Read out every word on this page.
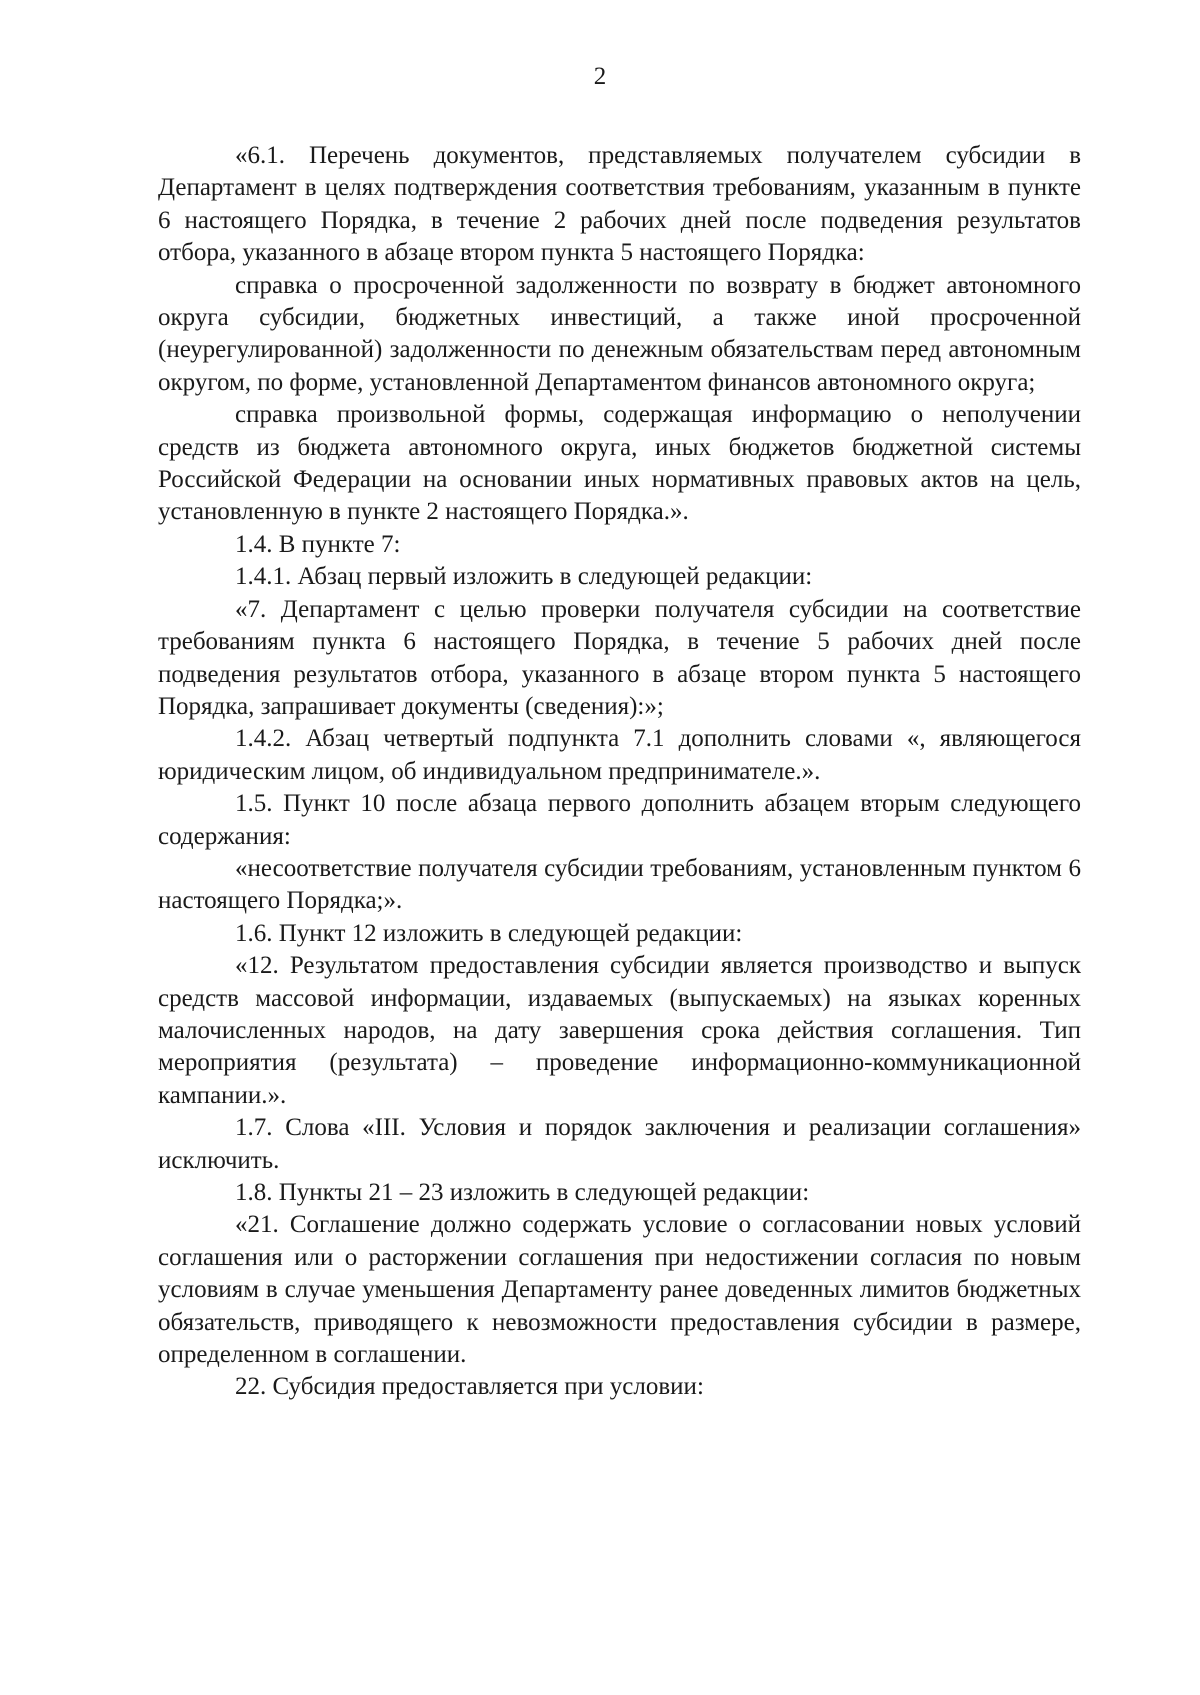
2

«6.1. Перечень документов, представляемых получателем субсидии в Департамент в целях подтверждения соответствия требованиям, указанным в пункте 6 настоящего Порядка, в течение 2 рабочих дней после подведения результатов отбора, указанного в абзаце втором пункта 5 настоящего Порядка:

справка о просроченной задолженности по возврату в бюджет автономного округа субсидии, бюджетных инвестиций, а также иной просроченной (неурегулированной) задолженности по денежным обязательствам перед автономным округом, по форме, установленной Департаментом финансов автономного округа;

справка произвольной формы, содержащая информацию о неполучении средств из бюджета автономного округа, иных бюджетов бюджетной системы Российской Федерации на основании иных нормативных правовых актов на цель, установленную в пункте 2 настоящего Порядка.».

1.4. В пункте 7:

1.4.1. Абзац первый изложить в следующей редакции:

«7. Департамент с целью проверки получателя субсидии на соответствие требованиям пункта 6 настоящего Порядка, в течение 5 рабочих дней после подведения результатов отбора, указанного в абзаце втором пункта 5 настоящего Порядка, запрашивает документы (сведения):»;

1.4.2. Абзац четвертый подпункта 7.1 дополнить словами «, являющегося юридическим лицом, об индивидуальном предпринимателе.».

1.5. Пункт 10 после абзаца первого дополнить абзацем вторым следующего содержания:

«несоответствие получателя субсидии требованиям, установленным пунктом 6 настоящего Порядка;».

1.6. Пункт 12 изложить в следующей редакции:

«12. Результатом предоставления субсидии является производство и выпуск средств массовой информации, издаваемых (выпускаемых) на языках коренных малочисленных народов, на дату завершения срока действия соглашения. Тип мероприятия (результата) – проведение информационно-коммуникационной кампании.».

1.7. Слова «III. Условия и порядок заключения и реализации соглашения» исключить.

1.8. Пункты 21 – 23 изложить в следующей редакции:

«21. Соглашение должно содержать условие о согласовании новых условий соглашения или о расторжении соглашения при недостижении согласия по новым условиям в случае уменьшения Департаменту ранее доведенных лимитов бюджетных обязательств, приводящего к невозможности предоставления субсидии в размере, определенном в соглашении.

22. Субсидия предоставляется при условии:
